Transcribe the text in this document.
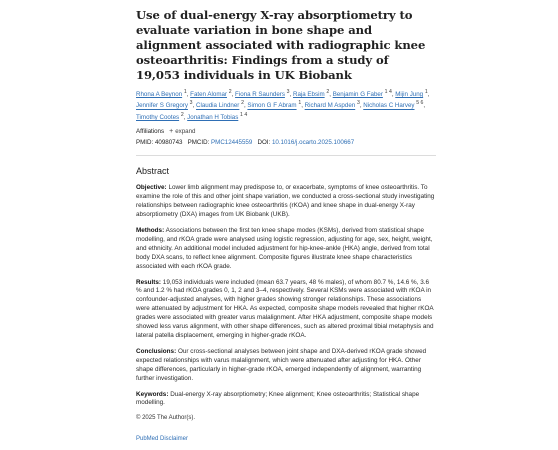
Use of dual-energy X-ray absorptiometry to evaluate variation in bone shape and alignment associated with radiographic knee osteoarthritis: Findings from a study of 19,053 individuals in UK Biobank
Rhona A Beynon $^1$, Faten Alomar $^2$, Fiona R Saunders $^3$, Raja Ebsim $^2$, Benjamin G Faber $^{1 4}$, Mijin Jung $^1$, Jennifer S Gregory $^3$, Claudia Lindner $^2$, Simon G F Abram $^1$, Richard M Aspden $^3$, Nicholas C Harvey $^{5 6}$, Timothy Cootes $^2$, Jonathan H Tobias $^{1 4}$
Affiliations + expand
PMID: 40980743 PMCID: PMC12445559 DOI: 10.1016/j.ocarto.2025.100667
Abstract

Objective: Lower limb alignment may predispose to, or exacerbate, symptoms of knee osteoarthritis. To examine the role of this and other joint shape variation, we conducted a cross-sectional study investigating relationships between radiographic knee osteoarthritis (rKOA) and knee shape in dual-energy X-ray absorptiometry (DXA) images from UK Biobank (UKB).

Methods: Associations between the first ten knee shape modes (KSMs), derived from statistical shape modelling, and rKOA grade were analysed using logistic regression, adjusting for age, sex, height, weight, and ethnicity. An additional model included adjustment for hip-knee-ankle (HKA) angle, derived from total body DXA scans, to reflect knee alignment. Composite figures illustrate knee shape characteristics associated with each rKOA grade.

Results: 19,053 individuals were included (mean 63.7 years, 48 % males), of whom 80.7 %, 14.6 %, 3.6 % and 1.2 % had rKOA grades 0, 1, 2 and 3–4, respectively. Several KSMs were associated with rKOA in confounder-adjusted analyses, with higher grades showing stronger relationships. These associations were attenuated by adjustment for HKA. As expected, composite shape models revealed that higher rKOA grades were associated with greater varus malalignment. After HKA adjustment, composite shape models showed less varus alignment, with other shape differences, such as altered proximal tibial metaphysis and lateral patella displacement, emerging in higher-grade rKOA.

Conclusions: Our cross-sectional analyses between joint shape and DXA-derived rKOA grade showed expected relationships with varus malalignment, which were attenuated after adjusting for HKA. Other shape differences, particularly in higher-grade rKOA, emerged independently of alignment, warranting further investigation.

Keywords: Dual-energy X-ray absorptiometry; Knee alignment; Knee osteoarthritis; Statistical shape modelling.

© 2025 The Author(s).
PubMed Disclaimer
